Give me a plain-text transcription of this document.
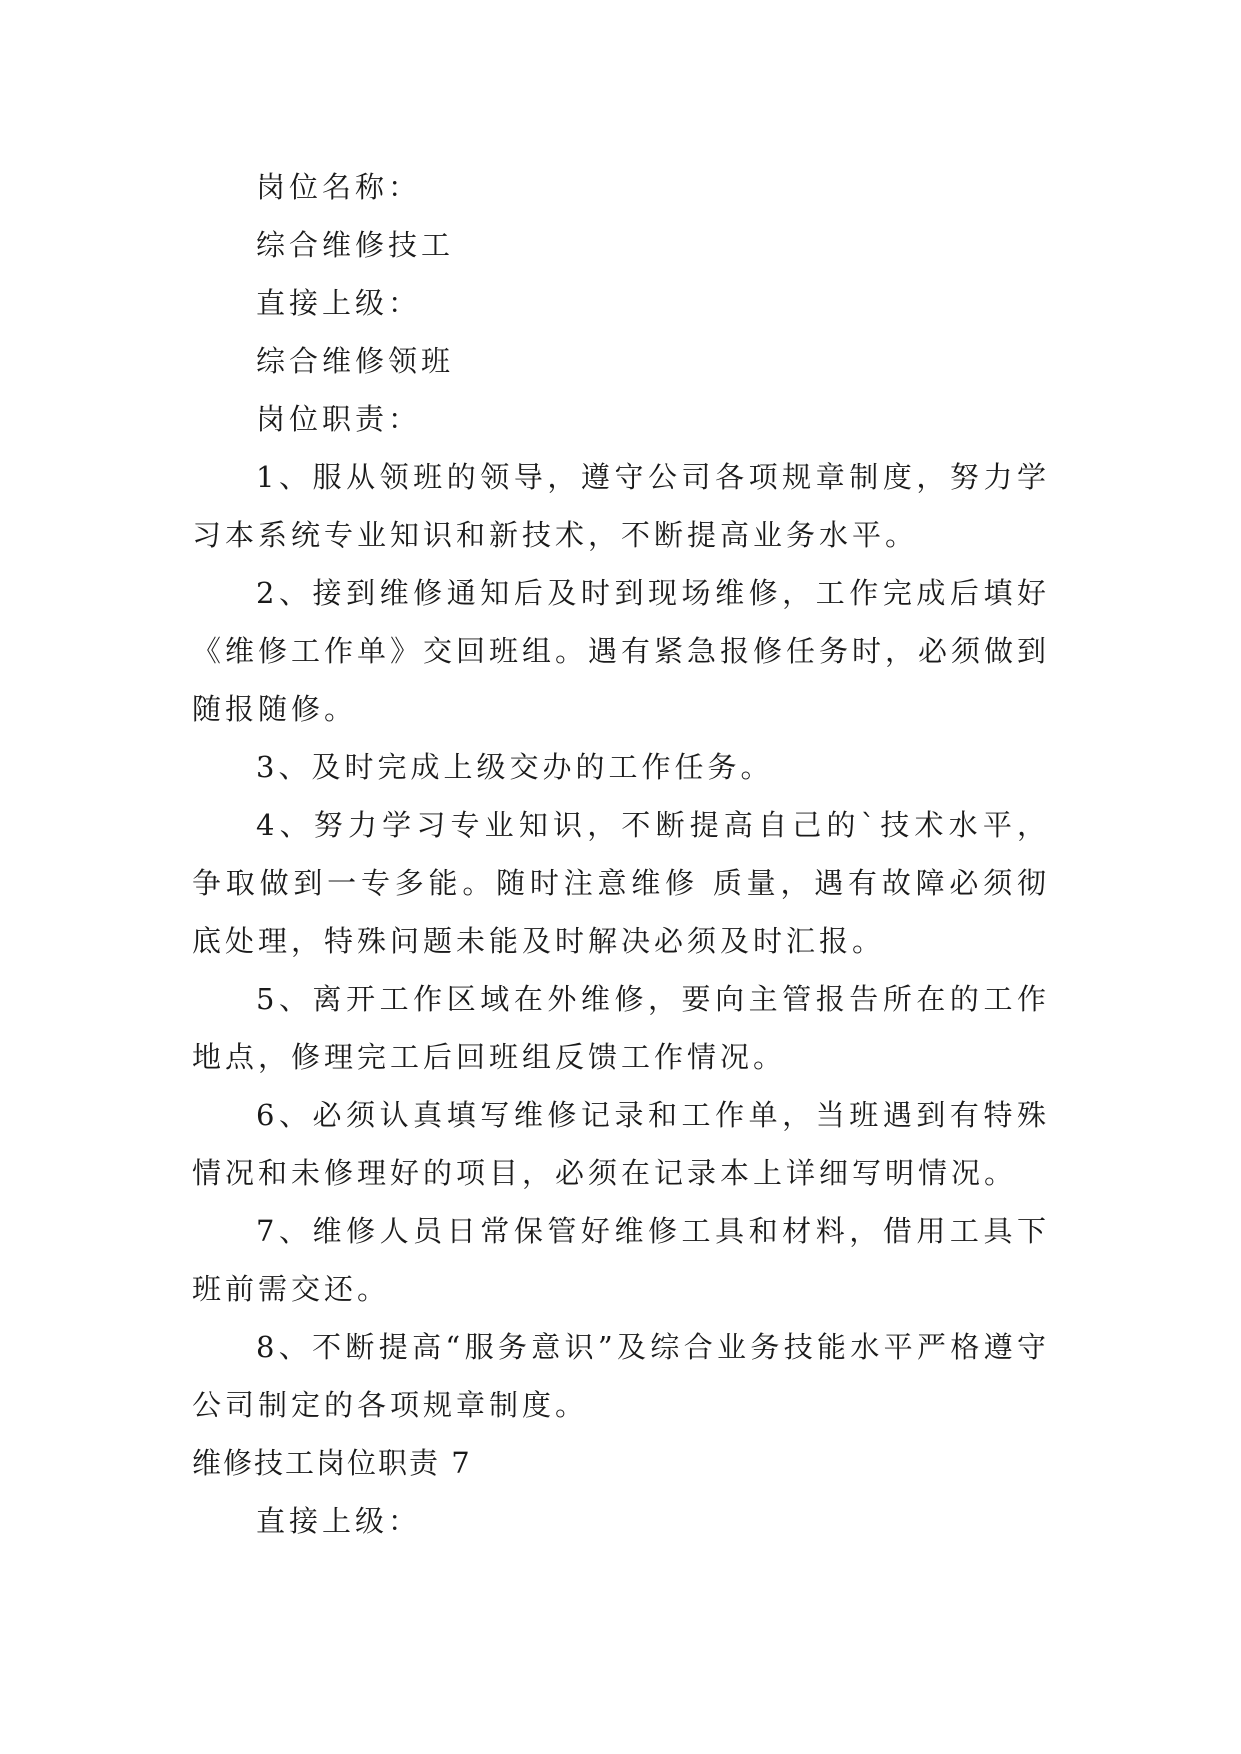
岗位名称：
综合维修技工
直接上级：
综合维修领班
岗位职责：

1、服从领班的领导，遵守公司各项规章制度，努力学习本系统专业知识和新技术，不断提高业务水平。

2、接到维修通知后及时到现场维修，工作完成后填好《维修工作单》交回班组。遇有紧急报修任务时，必须做到随报随修。

3、及时完成上级交办的工作任务。

4、努力学习专业知识，不断提高自己的`技术水平，争取做到一专多能。随时注意维修 质量，遇有故障必须彻底处理，特殊问题未能及时解决必须及时汇报。

5、离开工作区域在外维修，要向主管报告所在的工作地点，修理完工后回班组反馈工作情况。

6、必须认真填写维修记录和工作单，当班遇到有特殊情况和未修理好的项目，必须在记录本上详细写明情况。

7、维修人员日常保管好维修工具和材料，借用工具下班前需交还。

8、不断提高“服务意识”及综合业务技能水平严格遵守公司制定的各项规章制度。

维修技工岗位职责 7
直接上级：
